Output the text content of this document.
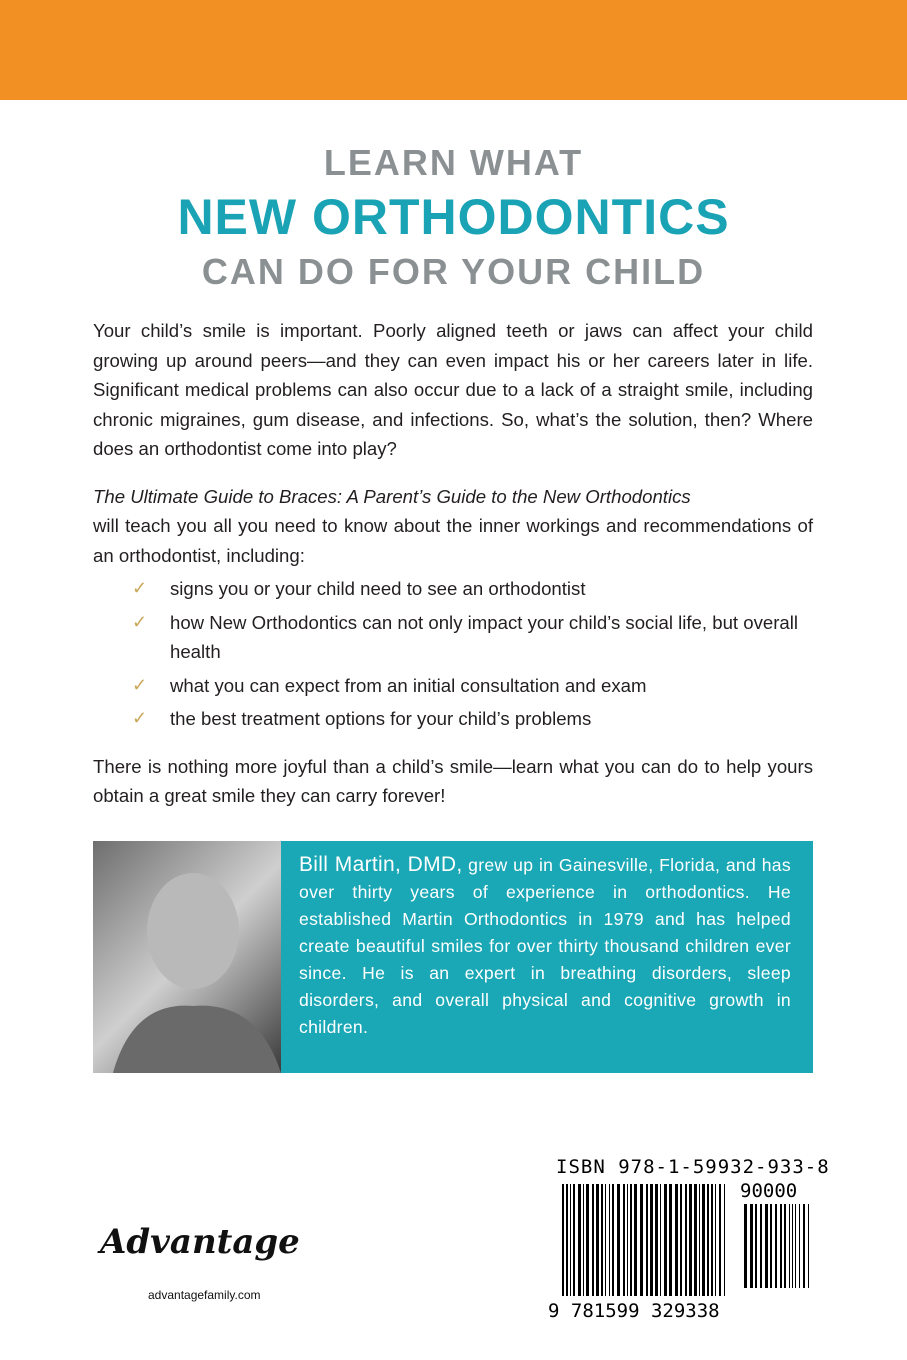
LEARN WHAT
NEW ORTHODONTICS
CAN DO FOR YOUR CHILD

Your child’s smile is important. Poorly aligned teeth or jaws can affect your child growing up around peers—and they can even impact his or her careers later in life. Significant medical problems can also occur due to a lack of a straight smile, including chronic migraines, gum disease, and infections. So, what’s the solution, then? Where does an orthodontist come into play?

The Ultimate Guide to Braces: A Parent’s Guide to the New Orthodontics
will teach you all you need to know about the inner workings and recommendations of an orthodontist, including:
✓ signs you or your child need to see an orthodontist
✓ how New Orthodontics can not only impact your child’s social life, but overall health
✓ what you can expect from an initial consultation and exam
✓ the best treatment options for your child’s problems

There is nothing more joyful than a child’s smile—learn what you can do to help yours obtain a great smile they can carry forever!

Bill Martin, DMD, grew up in Gainesville, Florida, and has over thirty years of experience in orthodontics. He established Martin Orthodontics in 1979 and has helped create beautiful smiles for over thirty thousand children ever since. He is an expert in breathing disorders, sleep disorders, and overall physical and cognitive growth in children.
ISBN 978-1-59932-933-8
90000
9 781599 329338
Advantage
advantagefamily.com
